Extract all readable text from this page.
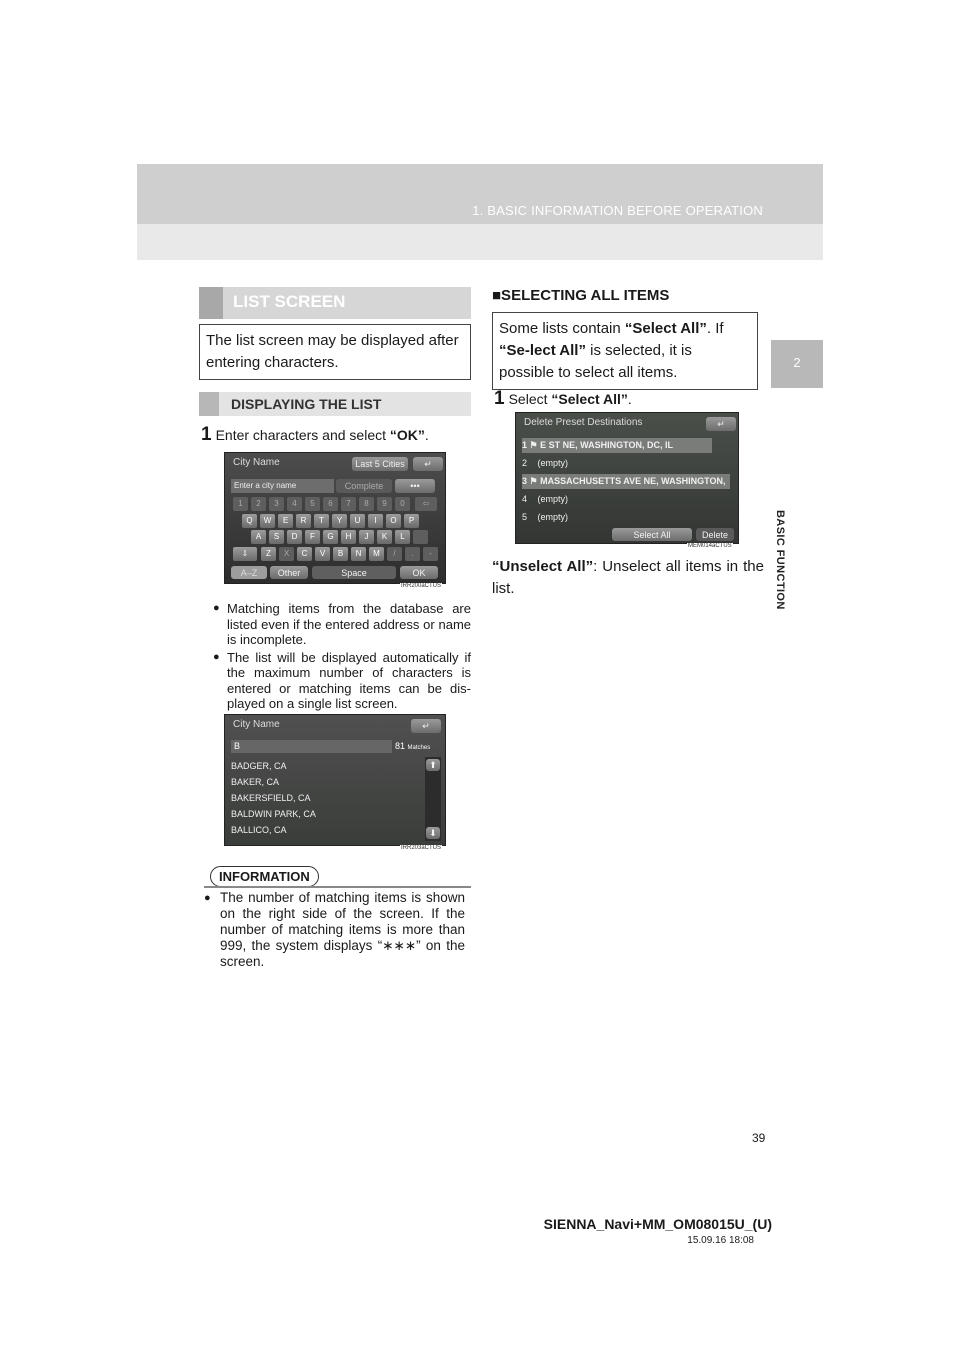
1. BASIC INFORMATION BEFORE OPERATION
2
BASIC FUNCTION
LIST SCREEN
The list screen may be displayed after entering characters.
DISPLAYING THE LIST
1 Enter characters and select “OK”.
City Name	Last 5 Cities	↵
Enter a city name	Complete	•••
1	2	3	4	5	6	7	8	9	0	⇦
Q	W	E	R	T	Y	U	I	O	P
A	S	D	F	G	H	J	K	L
⇩	Z	X	C	V	B	N	M	/	.	-
A–Z	Other	Space	OK
IRR200aCTUS
● Matching items from the database are listed even if the entered address or name is incomplete.
● The list will be displayed automatically if the maximum number of characters is entered or matching items can be dis-played on a single list screen.
City Name	↵
B	81 Matches
BADGER, CA
BAKER, CA
BAKERSFIELD, CA
BALDWIN PARK, CA
BALLICO, CA
⬆
⬇
IRR203aCTUS
INFORMATION
● The number of matching items is shown on the right side of the screen. If the number of matching items is more than 999, the system displays “∗∗∗” on the screen.
■SELECTING ALL ITEMS
Some lists contain “Select All”. If “Se-lect All” is selected, it is possible to select all items.
1 Select “Select All”.
Delete Preset Destinations	↵
1 ⚑ E ST NE, WASHINGTON, DC, IL
2 (empty)
3 ⚑ MASSACHUSETTS AVE NE, WASHINGTON,
4 (empty)
5 (empty)
Select All	Delete
MEM014aCTUS
“Unselect All”: Unselect all items in the list.
39
SIENNA_Navi+MM_OM08015U_(U)
15.09.16 18:08
